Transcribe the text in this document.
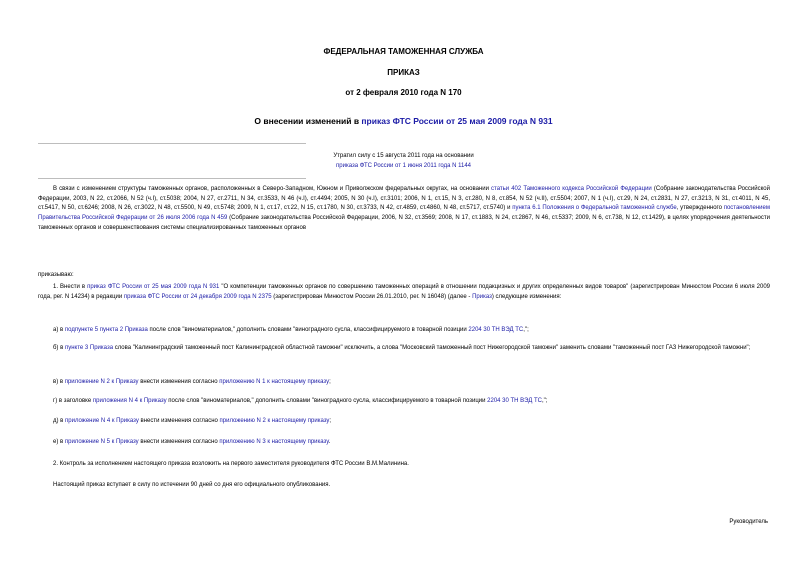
ФЕДЕРАЛЬНАЯ ТАМОЖЕННАЯ СЛУЖБА
ПРИКАЗ
от 2 февраля 2010 года N 170
О внесении изменений в приказ ФТС России от 25 мая 2009 года N 931
Утратил силу с 15 августа 2011 года на основании
приказа ФТС России от 1 июня 2011 года N 1144
В связи с изменением структуры таможенных органов, расположенных в Северо-Западном, Южном и Приволжском федеральных округах, на основании статьи 402 Таможенного кодекса Российской Федерации (Собрание законодательства Российской Федерации, 2003, N 22, ст.2066, N 52 (ч.I), ст.5038; 2004, N 27, ст.2711, N 34, ст.3533, N 46 (ч.I), ст.4494; 2005, N 30 (ч.I), ст.3101; 2006, N 1, ст.15, N 3, ст.280, N 8, ст.854, N 52 (ч.II), ст.5504; 2007, N 1 (ч.I), ст.29, N 24, ст.2831, N 27, ст.3213, N 31, ст.4011, N 45, ст.5417, N 50, ст.6246; 2008, N 26, ст.3022, N 48, ст.5500, N 49, ст.5748; 2009, N 1, ст.17, ст.22, N 15, ст.1780, N 30, ст.3733, N 42, ст.4859, ст.4860, N 48, ст.5717, ст.5740) и пункта 6.1 Положения о Федеральной таможенной службе, утвержденного постановлением Правительства Российской Федерации от 26 июля 2006 года N 459 (Собрание законодательства Российской Федерации, 2006, N 32, ст.3569; 2008, N 17, ст.1883, N 24, ст.2867, N 46, ст.5337; 2009, N 6, ст.738, N 12, ст.1429), в целях упорядочения деятельности таможенных органов и совершенствования системы специализированных таможенных органов
приказываю:
1. Внести в приказ ФТС России от 25 мая 2009 года N 931 "О компетенции таможенных органов по совершению таможенных операций в отношении подакцизных и других определенных видов товаров" (зарегистрирован Минюстом России 6 июля 2009 года, рег. N 14234) в редакции приказа ФТС России от 24 декабря 2009 года N 2375 (зарегистрирован Минюстом России 26.01.2010, рег. N 16048) (далее - Приказ) следующие изменения:
а) в подпункте 5 пункта 2 Приказа после слов "виноматериалов," дополнить словами "виноградного сусла, классифицируемого в товарной позиции 2204 30 ТН ВЭД ТС,";
б) в пункте 3 Приказа слова "Калининградский таможенный пост Калининградской областной таможни" исключить, а слова "Московский таможенный пост Нижегородской таможни" заменить словами "таможенный пост ГАЗ Нижегородской таможни";
в) в приложение N 2 к Приказу внести изменения согласно приложению N 1 к настоящему приказу;
г) в заголовке приложения N 4 к Приказу после слов "виноматериалов," дополнить словами "виноградного сусла, классифицируемого в товарной позиции 2204 30 ТН ВЭД ТС,";
д) в приложение N 4 к Приказу внести изменения согласно приложению N 2 к настоящему приказу;
е) в приложение N 5 к Приказу внести изменения согласно приложению N 3 к настоящему приказу.
2. Контроль за исполнением настоящего приказа возложить на первого заместителя руководителя ФТС России В.М.Малинина.
Настоящий приказ вступает в силу по истечении 90 дней со дня его официального опубликования.
Руководитель
